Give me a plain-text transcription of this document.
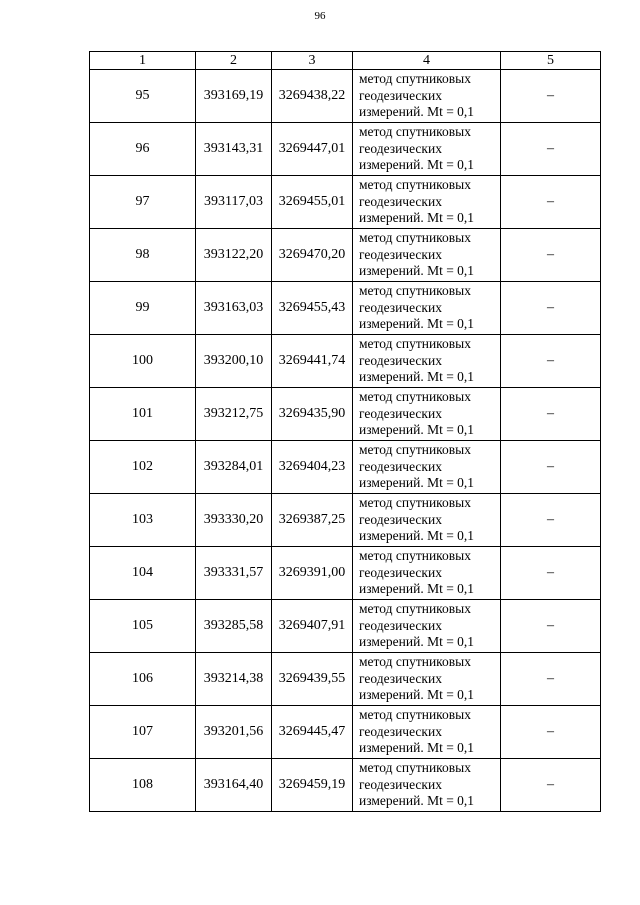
96
1	2	3	4	5
95	393169,19	3269438,22	метод спутниковых
геодезических
измерений. Mt = 0,1	–
96	393143,31	3269447,01	метод спутниковых
геодезических
измерений. Mt = 0,1	–
97	393117,03	3269455,01	метод спутниковых
геодезических
измерений. Mt = 0,1	–
98	393122,20	3269470,20	метод спутниковых
геодезических
измерений. Mt = 0,1	–
99	393163,03	3269455,43	метод спутниковых
геодезических
измерений. Mt = 0,1	–
100	393200,10	3269441,74	метод спутниковых
геодезических
измерений. Mt = 0,1	–
101	393212,75	3269435,90	метод спутниковых
геодезических
измерений. Mt = 0,1	–
102	393284,01	3269404,23	метод спутниковых
геодезических
измерений. Mt = 0,1	–
103	393330,20	3269387,25	метод спутниковых
геодезических
измерений. Mt = 0,1	–
104	393331,57	3269391,00	метод спутниковых
геодезических
измерений. Mt = 0,1	–
105	393285,58	3269407,91	метод спутниковых
геодезических
измерений. Mt = 0,1	–
106	393214,38	3269439,55	метод спутниковых
геодезических
измерений. Mt = 0,1	–
107	393201,56	3269445,47	метод спутниковых
геодезических
измерений. Mt = 0,1	–
108	393164,40	3269459,19	метод спутниковых
геодезических
измерений. Mt = 0,1	–
